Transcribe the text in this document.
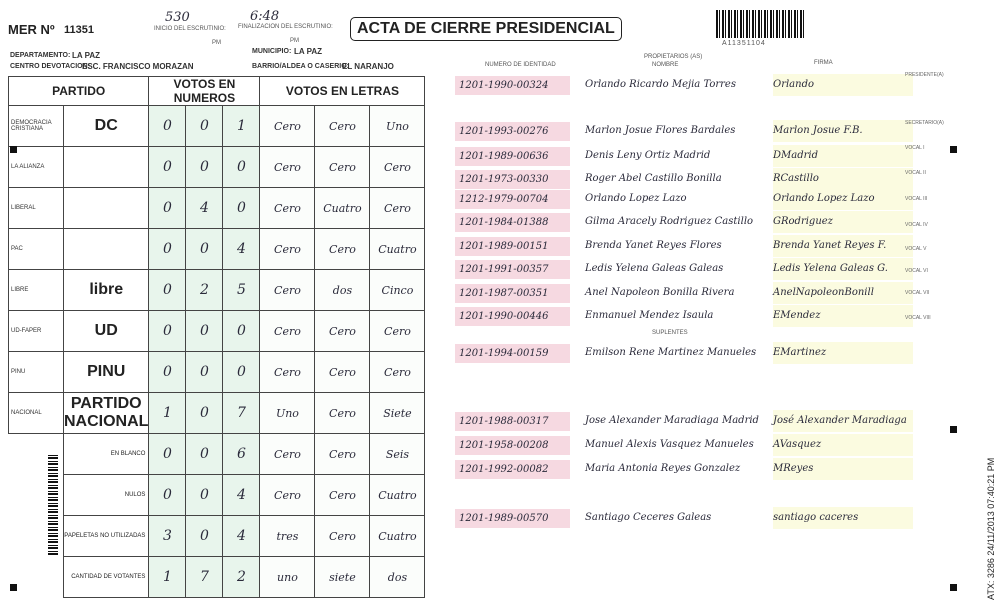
MER Nº 11351
530
INICIO DEL ESCRUTINIO:
PM
6:48
FINALIZACION DEL ESCRUTINIO:
PM
ACTA DE CIERRE PRESIDENCIAL
A11351104
DEPARTAMENTO: LA PAZ	MUNICIPIO: LA PAZ
CENTRO DEVOTACION:
ESC. FRANCISCO MORAZAN	BARRIO/ALDEA O CASERIO:
EL NARANJO	NUMERO DE IDENTIDAD
PROPIETARIOS (AS)
NOMBRE	FIRMA
PARTIDO		VOTOS EN NUMEROS			VOTOS EN LETRAS		
DEMOCRACIA CRISTIANA	DC	0	0	1	Cero	Cero	Uno
LA ALIANZA		0	0	0	Cero	Cero	Cero
LIBERAL		0	4	0	Cero	Cuatro	Cero
PAC		0	0	4	Cero	Cero	Cuatro
LIBRE	libre	0	2	5	Cero	dos	Cinco
UD-FAPER	UD	0	0	0	Cero	Cero	Cero
PINU	PINU	0	0	0	Cero	Cero	Cero
NACIONAL	PARTIDO NACIONAL	1	0	7	Uno	Cero	Siete
	EN BLANCO	0	0	6	Cero	Cero	Seis
	NULOS	0	0	4	Cero	Cero	Cuatro
	PAPELETAS NO UTILIZADAS	3	0	4	tres	Cero	Cuatro
	CANTIDAD DE VOTANTES	1	7	2	uno	siete	dos
1201-1990-00324	Orlando Ricardo Mejia Torres	Orlando
1201-1993-00276	Marlon Josue Flores Bardales	Marlon Josue F.B.
1201-1989-00636	Denis Leny Ortiz Madrid	DMadrid
1201-1973-00330	Roger Abel Castillo Bonilla	RCastillo
1212-1979-00704	Orlando Lopez Lazo	Orlando Lopez Lazo
1201-1984-01388	Gilma Aracely Rodriguez Castillo	GRodriguez
1201-1989-00151	Brenda Yanet Reyes Flores	Brenda Yanet Reyes F.
1201-1991-00357	Ledis Yelena Galeas Galeas	Ledis Yelena Galeas G.
1201-1987-00351	Anel Napoleon Bonilla Rivera	AnelNapoleonBonill
1201-1990-00446	Enmanuel Mendez Isaula	EMendez
1201-1994-00159	Emilson Rene Martinez Manueles	EMartinez
1201-1988-00317	Jose Alexander Maradiaga Madrid	José Alexander Maradiaga
1201-1958-00208	Manuel Alexis Vasquez Manueles	AVasquez
1201-1992-00082	Maria Antonia Reyes Gonzalez	MReyes
1201-1989-00570	Santiago Ceceres Galeas	santiago caceres
SUPLENTES
PRESIDENTE(A)
SECRETARIO(A)
VOCAL I
VOCAL II
VOCAL III
VOCAL IV
VOCAL V
VOCAL VI
VOCAL VII
VOCAL VIII
ATX: 3286 24/11/2013 07:40:21 PM
